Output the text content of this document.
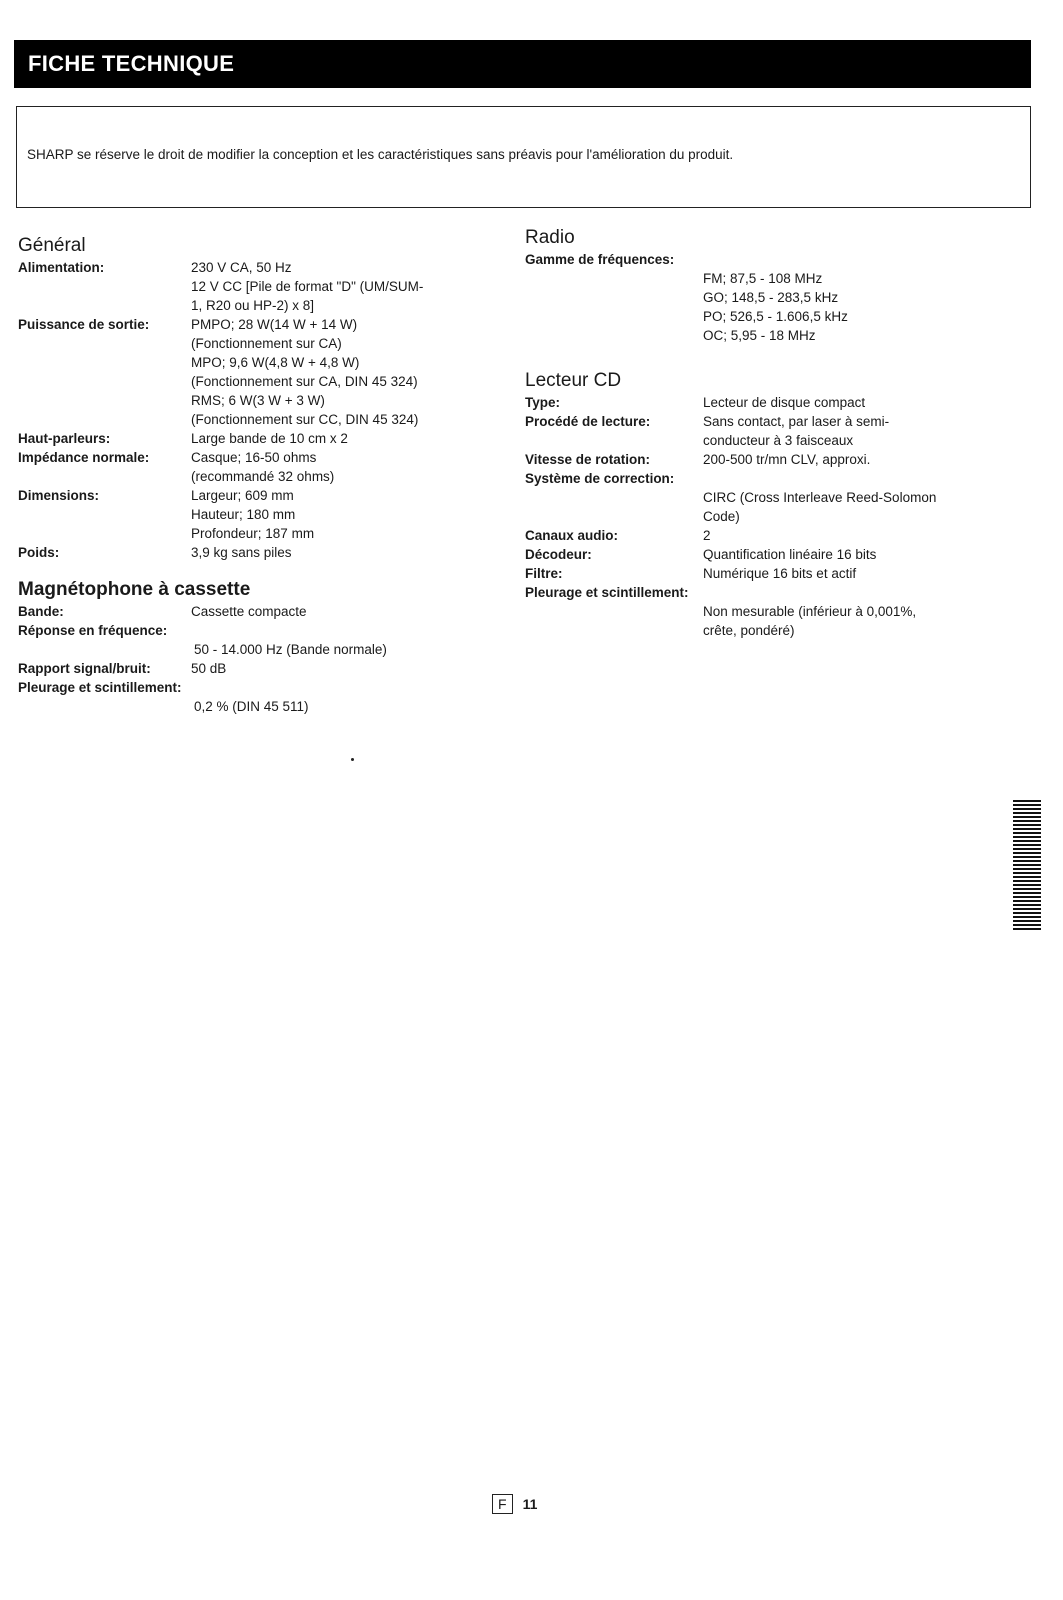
FICHE TECHNIQUE
SHARP se réserve le droit de modifier la conception et les caractéristiques sans préavis pour l'amélioration du produit.
Général
Alimentation:	230 V CA, 50 Hz
12 V CC [Pile de format "D" (UM/SUM-
1, R20 ou HP-2) x 8]
Puissance de sortie:	PMPO; 28 W(14 W + 14 W)
(Fonctionnement sur CA)
MPO; 9,6 W(4,8 W + 4,8 W)
(Fonctionnement sur CA, DIN 45 324)
RMS; 6 W(3 W + 3 W)
(Fonctionnement sur CC, DIN 45 324)
Haut-parleurs:	Large bande de 10 cm x 2
Impédance normale:	Casque; 16-50 ohms
(recommandé 32 ohms)
Dimensions:	Largeur; 609 mm
Hauteur; 180 mm
Profondeur; 187 mm
Poids:	3,9 kg sans piles
Magnétophone à cassette
Bande:	Cassette compacte
Réponse en fréquence:
50 - 14.000 Hz (Bande normale)
Rapport signal/bruit:	50 dB
Pleurage et scintillement:
0,2 % (DIN 45 511)
Radio
Gamme de fréquences:
FM; 87,5 - 108 MHz
GO; 148,5 - 283,5 kHz
PO; 526,5 - 1.606,5 kHz
OC; 5,95 - 18 MHz
Lecteur CD
Type:	Lecteur de disque compact
Procédé de lecture:	Sans contact, par laser à semi-
conducteur à 3 faisceaux
Vitesse de rotation:	200-500 tr/mn CLV, approxi.
Système de correction:
CIRC (Cross Interleave Reed-Solomon
Code)
Canaux audio:	2
Décodeur:	Quantification linéaire 16 bits
Filtre:	Numérique 16 bits et actif
Pleurage et scintillement:
Non mesurable (inférieur à 0,001%,
crête, pondéré)
F	11
